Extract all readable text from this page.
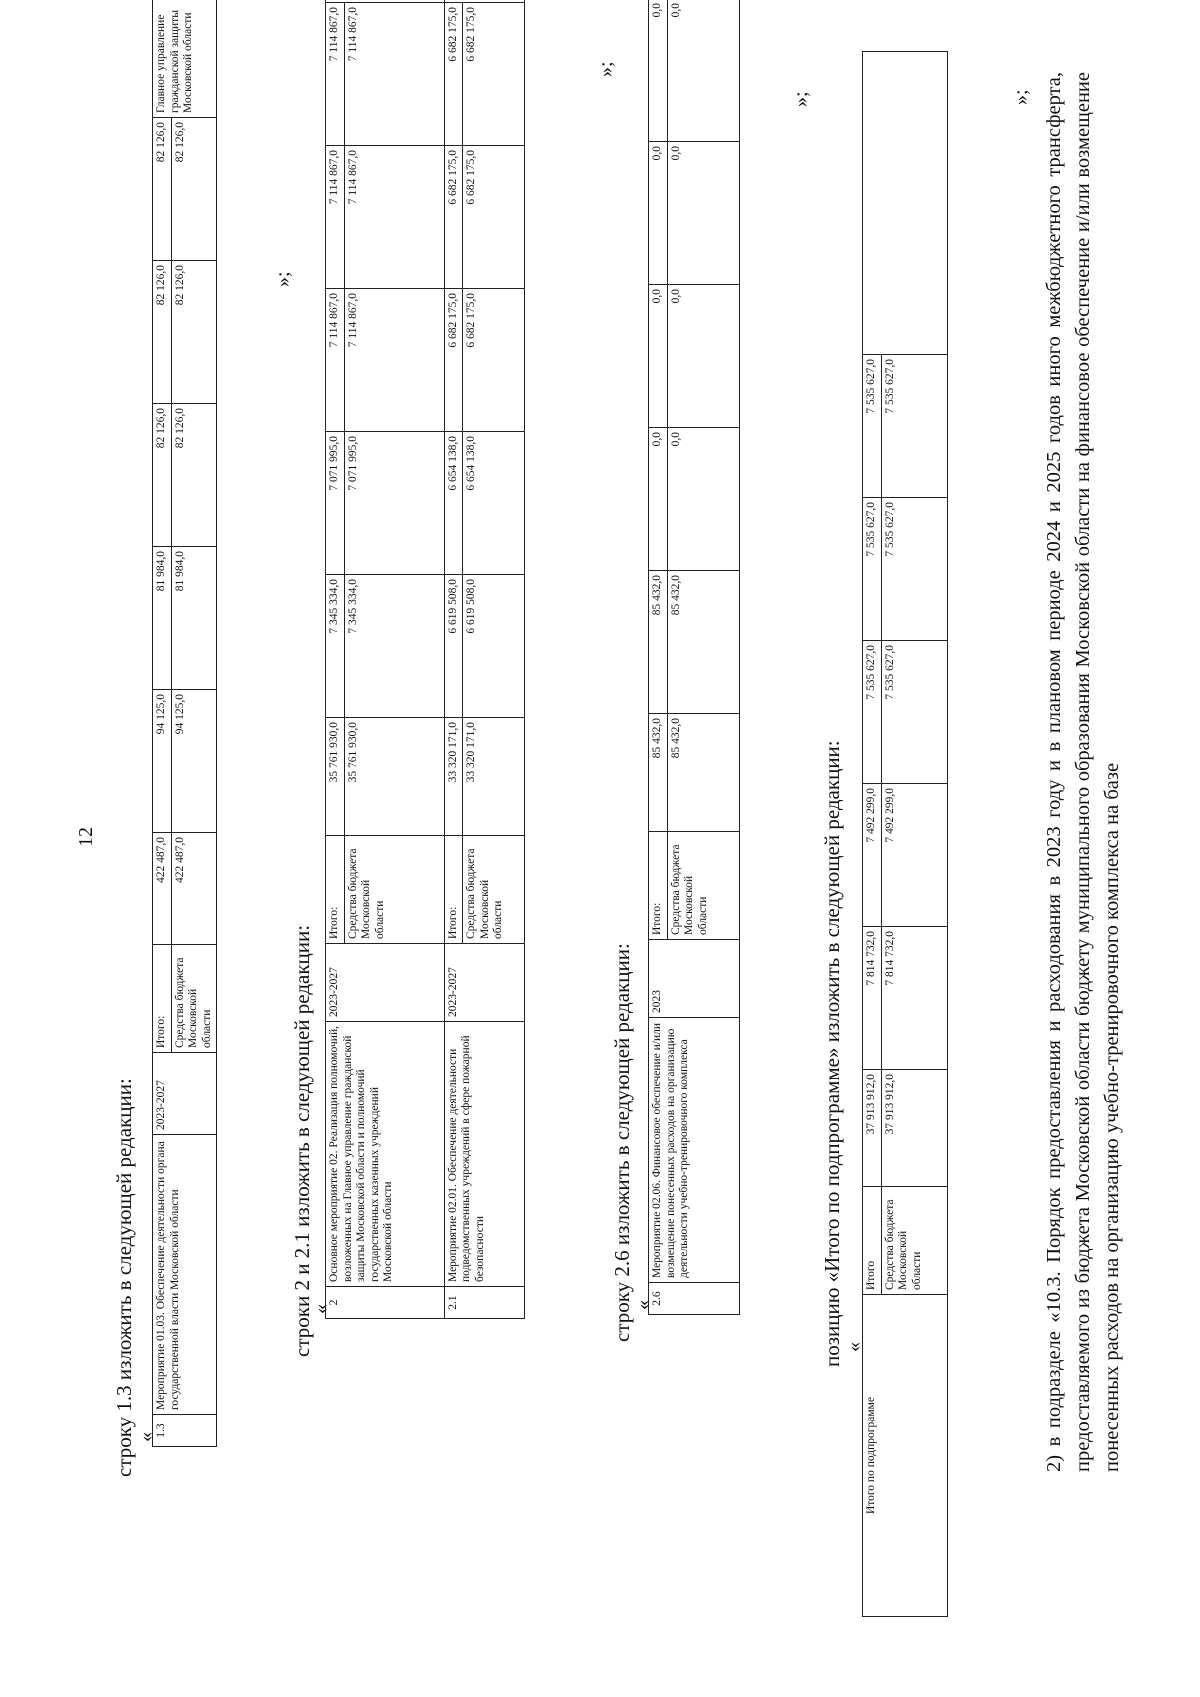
12
строку 1.3 изложить в следующей редакции: «
1.3	Мероприятие 01.03. Обеспечение деятельности органа государственной власти Московской области	2023-2027	Итого:	422 487,0	94 125,0	81 984,0	82 126,0	82 126,0	82 126,0	Главное управление гражданской защиты Московской области
			Средства бюджета Московской области	422 487,0	94 125,0	81 984,0	82 126,0	82 126,0	82 126,0	
»;
строки 2 и 2.1 изложить в следующей редакции:
«
2	Основное мероприятие 02. Реализация полномочий, возложенных на Главное управление гражданской защиты Московской области и полномочий государственных казенных учреждений Московской области	2023-2027	Итого:	35 761 930,0	7 345 334,0	7 071 995,0	7 114 867,0	7 114 867,0	7 114 867,0	
			Средства бюджета Московской области	35 761 930,0	7 345 334,0	7 071 995,0	7 114 867,0	7 114 867,0	7 114 867,0	
2.1	Мероприятие 02.01. Обеспечение деятельности подведомственных учреждений в сфере пожарной безопасности	2023-2027	Итого:	33 320 171,0	6 619 508,0	6 654 138,0	6 682 175,0	6 682 175,0	6 682 175,0	
			Средства бюджета Московской области	33 320 171,0	6 619 508,0	6 654 138,0	6 682 175,0	6 682 175,0	6 682 175,0	
»;
строку 2.6 изложить в следующей редакции:
«
2.6	Мероприятие 02.06. Финансовое обеспечение и/или возмещение понесенных расходов на организацию деятельности учебно-тренировочного комплекса	2023	Итого:	85 432,0	85 432,0	0,0	0,0	0,0	0,0	
			Средства бюджета Московской области	85 432,0	85 432,0	0,0	0,0	0,0	0,0	
»;
позицию «Итого по подпрограмме» изложить в следующей редакции: «
Итого по подпрограмме	Итого	37 913 912,0	7 814 732,0	7 492 299,0	7 535 627,0	7 535 627,0	7 535 627,0	
	Средства бюджета Московской области	37 913 912,0	7 814 732,0	7 492 299,0	7 535 627,0	7 535 627,0	7 535 627,0	
»; 2) в подразделе «10.3. Порядок предоставления и расходования в 2023 году и в плановом периоде 2024 и 2025 годов иного межбюджетного трансферта, предоставляемого из бюджета Московской области бюджету муниципального образования Московской области на финансовое обеспечение и/или возмещение понесенных расходов на организацию учебно-тренировочного комплекса на базе
